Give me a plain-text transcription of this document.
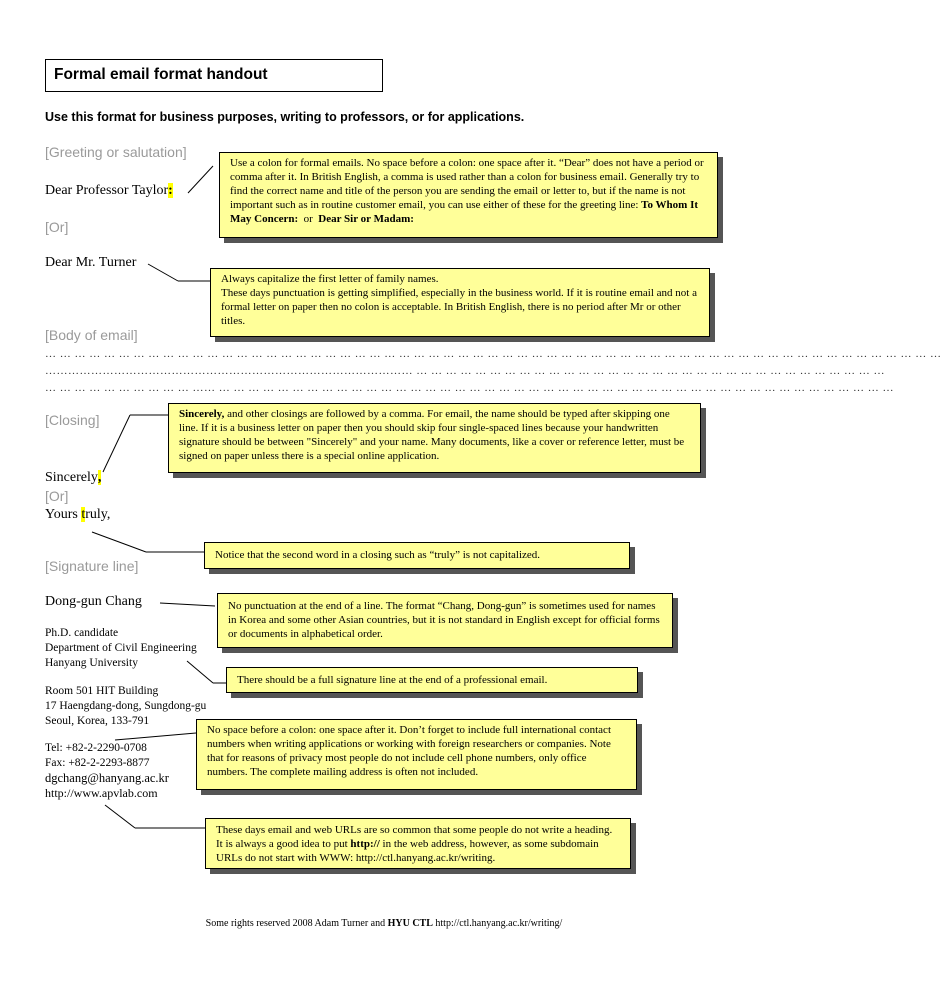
Formal email format handout
Use this format for business purposes, writing to professors, or for applications.
[Greeting or salutation]
Dear Professor Taylor:
[Or]
Dear Mr. Turner
[Body of email]
… … … … … … … … … … … … … … … … … … … … … … … … … … … … … … … … … … … … … … … … … … … … … … … … … … … … … … … … … … … … …
…………………………………………………………………………………… … … … … … … … … … … … … … … … … … … … … … … … … … … … … … … … …
… … … … … … … … … … …… … … … … … … … … … … … … … … … … … … … … … … … … … … … … … … … … … … … … … … … … … … … … … …
[Closing]
Sincerely,
[Or]
Yours truly,
[Signature line]
Dong-gun Chang
Ph.D. candidate
Department of Civil Engineering
Hanyang University
Room 501 HIT Building
17 Haengdang-dong, Sungdong-gu
Seoul, Korea, 133-791
Tel: +82-2-2290-0708
Fax: +82-2-2293-8877
dgchang@hanyang.ac.kr
http://www.apvlab.com
Use a colon for formal emails. No space before a colon: one space after it. “Dear” does not have a period or comma after it. In British English, a comma is used rather than a colon for business email. Generally try to find the correct name and title of the person you are sending the email or letter to, but if the name is not important such as in routine customer email, you can use either of these for the greeting line: To Whom It May Concern:  or  Dear Sir or Madam:
Always capitalize the first letter of family names.
These days punctuation is getting simplified, especially in the business world. If it is routine email and not a formal letter on paper then no colon is acceptable. In British English, there is no period after Mr or other titles.
Sincerely, and other closings are followed by a comma. For email, the name should be typed after skipping one line. If it is a business letter on paper then you should skip four single-spaced lines because your handwritten signature should be between "Sincerely" and your name. Many documents, like a cover or reference letter, must be signed on paper unless there is a special online application.
Notice that the second word in a closing such as “truly” is not capitalized.
No punctuation at the end of a line. The format “Chang, Dong-gun” is sometimes used for names in Korea and some other Asian countries, but it is not standard in English except for official forms or documents in alphabetical order.
There should be a full signature line at the end of a professional email.
No space before a colon: one space after it. Don’t forget to include full international contact numbers when writing applications or working with foreign researchers or companies. Note that for reasons of privacy most people do not include cell phone numbers, only office numbers. The complete mailing address is often not included.
These days email and web URLs are so common that some people do not write a heading. It is always a good idea to put http:// in the web address, however, as some subdomain URLs do not start with WWW: http://ctl.hanyang.ac.kr/writing.
Some rights reserved 2008 Adam Turner and HYU CTL http://ctl.hanyang.ac.kr/writing/
